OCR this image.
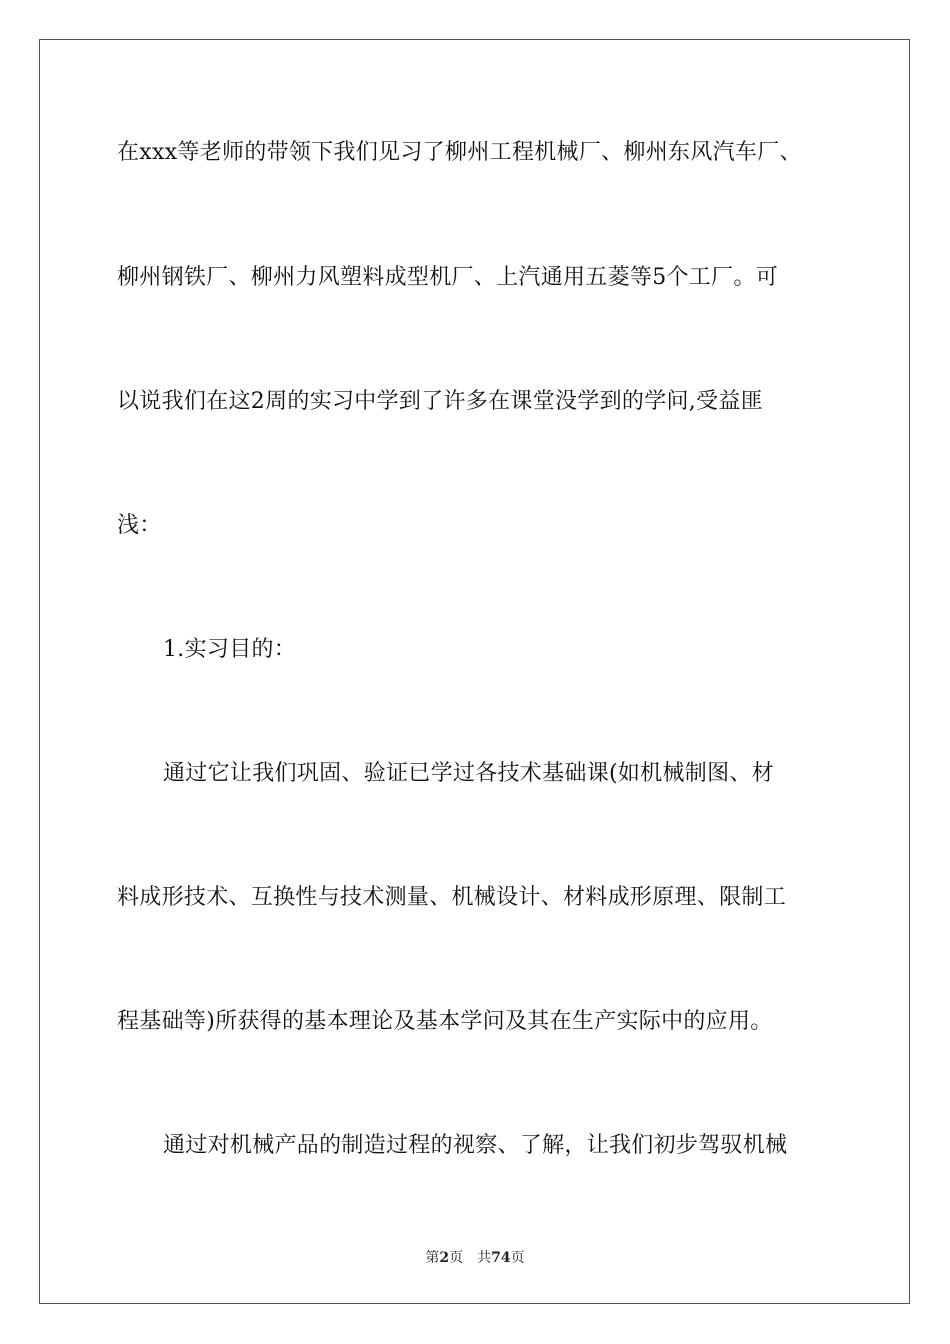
在xxx等老师的带领下我们见习了柳州工程机械厂、柳州东风汽车厂、
柳州钢铁厂、柳州力风塑料成型机厂、上汽通用五菱等5个工厂。可
以说我们在这2周的实习中学到了许多在课堂没学到的学问,受益匪
浅：
1.实习目的：
通过它让我们巩固、验证已学过各技术基础课(如机械制图、材
料成形技术、互换性与技术测量、机械设计、材料成形原理、限制工
程基础等)所获得的基本理论及基本学问及其在生产实际中的应用。
通过对机械产品的制造过程的视察、了解，让我们初步驾驭机械
第2页 共74页
